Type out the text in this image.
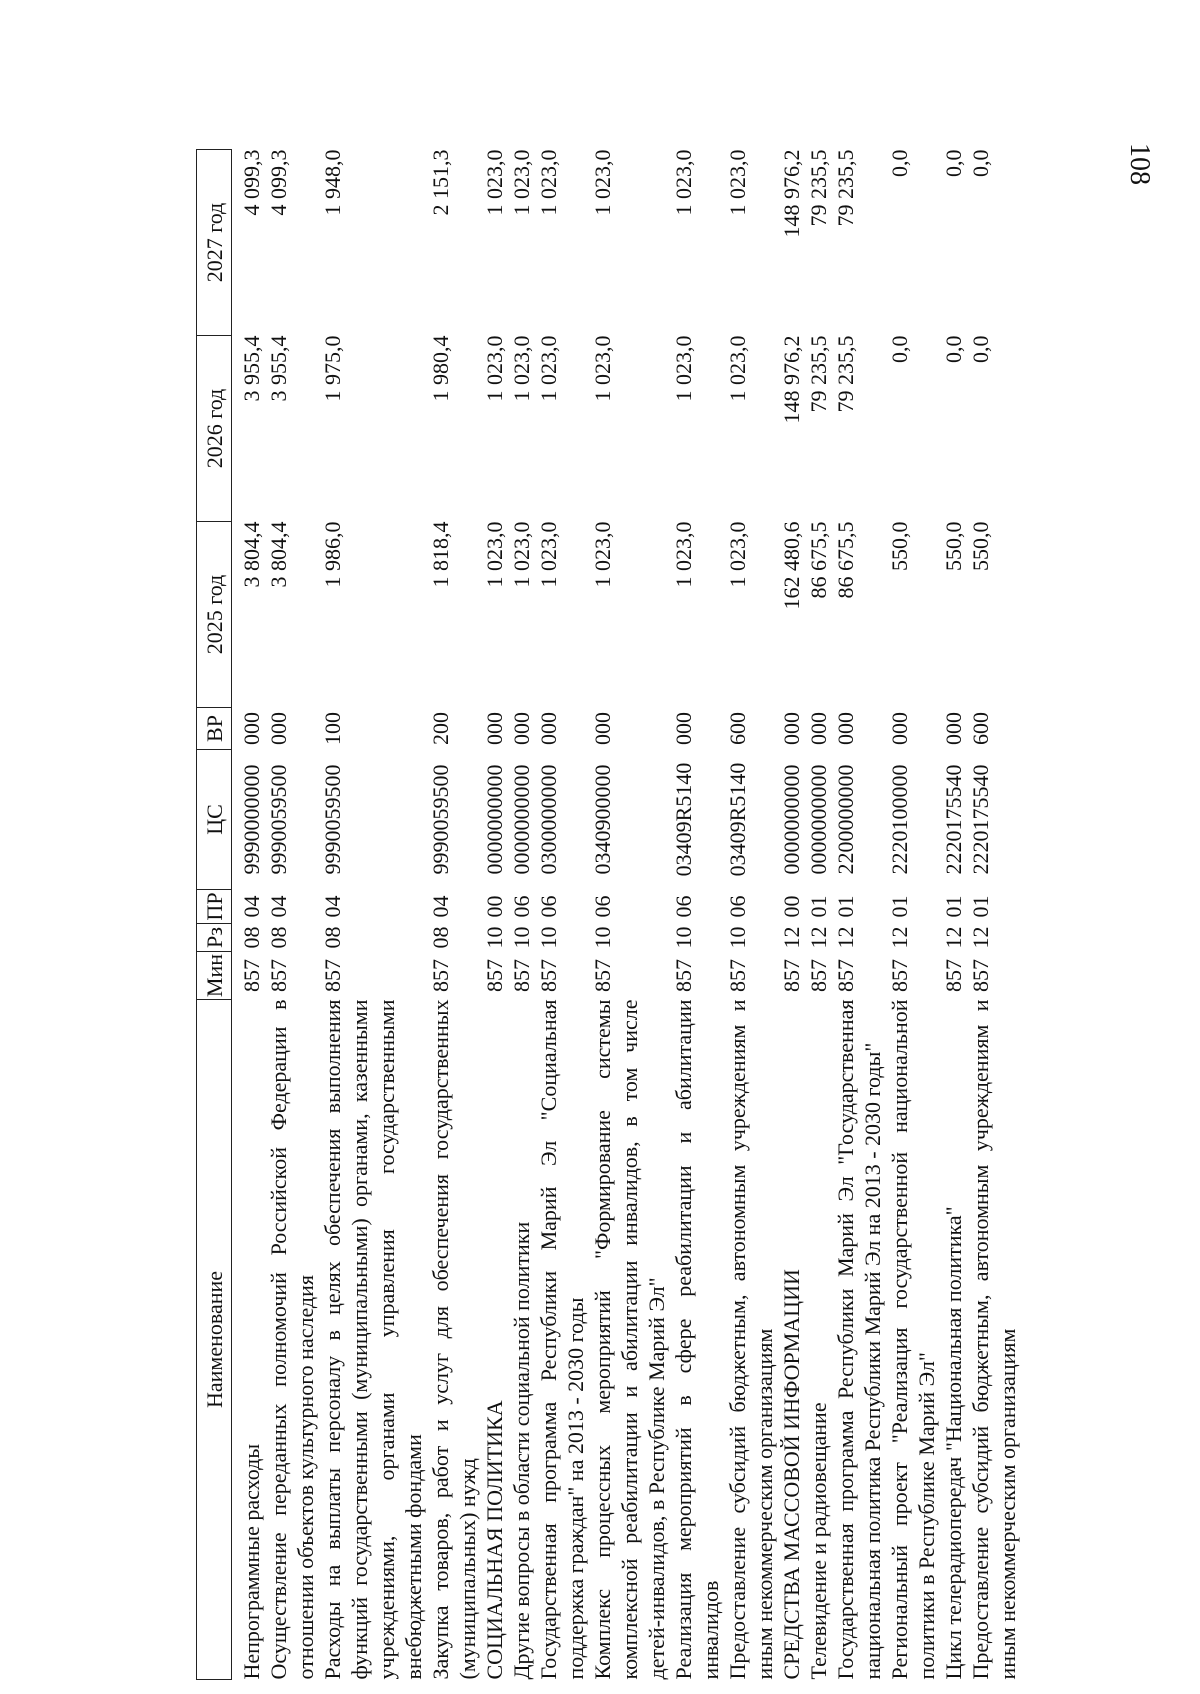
108
Наименование	Мин	Рз	ПР	ЦС	ВР	2025 год	2026 год	2027 год
Непрограммные расходы	857	08	04	9990000000	000	3 804,4	3 955,4	4 099,3
Осуществление переданных полномочий Российской Федерации в отношении объектов культурного наследия	857	08	04	9990059500	000	3 804,4	3 955,4	4 099,3
Расходы на выплаты персоналу в целях обеспечения выполнения функций государственными (муниципальными) органами, казенными учреждениями, органами управления государственными внебюджетными фондами	857	08	04	9990059500	100	1 986,0	1 975,0	1 948,0
Закупка товаров, работ и услуг для обеспечения государственных (муниципальных) нужд	857	08	04	9990059500	200	1 818,4	1 980,4	2 151,3
СОЦИАЛЬНАЯ ПОЛИТИКА	857	10	00	0000000000	000	1 023,0	1 023,0	1 023,0
Другие вопросы в области социальной политики	857	10	06	0000000000	000	1 023,0	1 023,0	1 023,0
Государственная программа Республики Марий Эл "Социальная поддержка граждан" на 2013 - 2030 годы	857	10	06	0300000000	000	1 023,0	1 023,0	1 023,0
Комплекс процессных мероприятий "Формирование системы комплексной реабилитации и абилитации инвалидов, в том числе детей-инвалидов, в Республике Марий Эл"	857	10	06	0340900000	000	1 023,0	1 023,0	1 023,0
Реализация мероприятий в сфере реабилитации и абилитации инвалидов	857	10	06	03409R5140	000	1 023,0	1 023,0	1 023,0
Предоставление субсидий бюджетным, автономным учреждениям и иным некоммерческим организациям	857	10	06	03409R5140	600	1 023,0	1 023,0	1 023,0
СРЕДСТВА МАССОВОЙ ИНФОРМАЦИИ	857	12	00	0000000000	000	162 480,6	148 976,2	148 976,2
Телевидение и радиовещание	857	12	01	0000000000	000	86 675,5	79 235,5	79 235,5
Государственная программа Республики Марий Эл "Государственная национальная политика Республики Марий Эл на 2013 - 2030 годы"	857	12	01	2200000000	000	86 675,5	79 235,5	79 235,5
Региональный проект "Реализация государственной национальной политики в Республике Марий Эл"	857	12	01	2220100000	000	550,0	0,0	0,0
Цикл телерадиопередач "Национальная политика"	857	12	01	2220175540	000	550,0	0,0	0,0
Предоставление субсидий бюджетным, автономным учреждениям и иным некоммерческим организациям	857	12	01	2220175540	600	550,0	0,0	0,0
